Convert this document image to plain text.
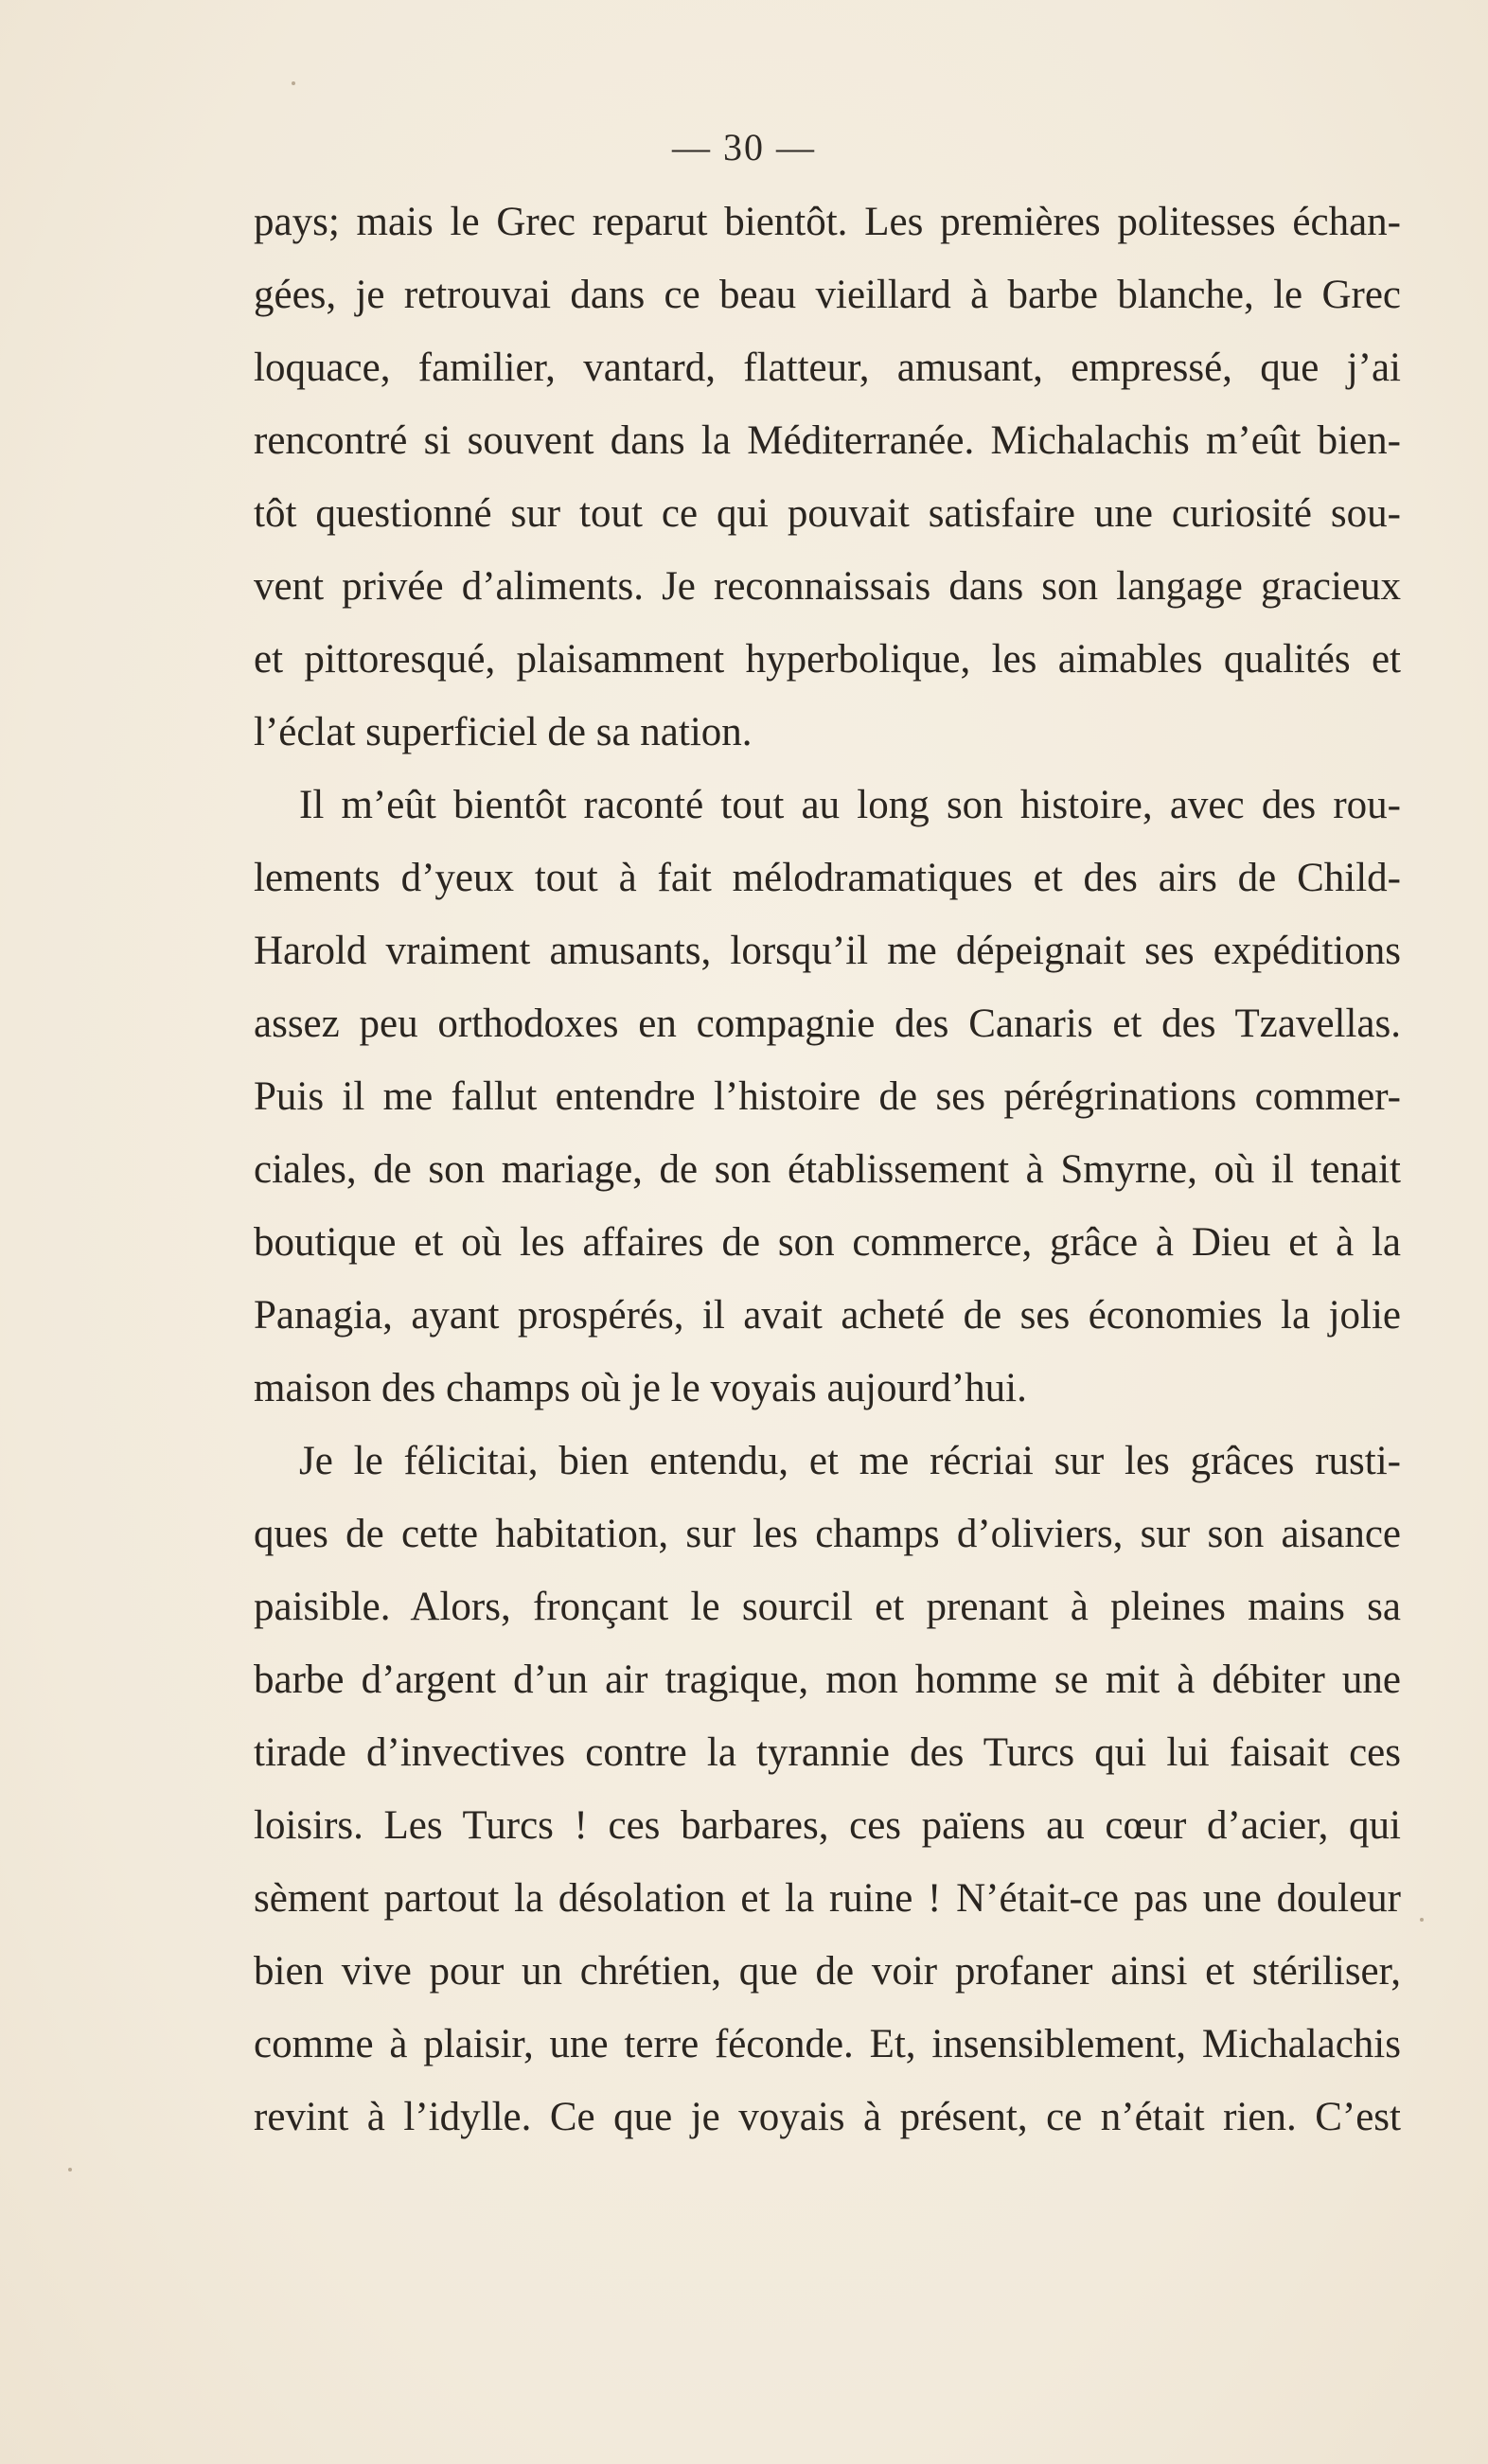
— 30 —
pays; mais le Grec reparut bientôt. Les premières politesses échan-
gées, je retrouvai dans ce beau vieillard à barbe blanche, le Grec
loquace, familier, vantard, flatteur, amusant, empressé, que j’ai
rencontré si souvent dans la Méditerranée. Michalachis m’eût bien-
tôt questionné sur tout ce qui pouvait satisfaire une curiosité sou-
vent privée d’aliments. Je reconnaissais dans son langage gracieux
et pittoresqué, plaisamment hyperbolique, les aimables qualités et
l’éclat superficiel de sa nation.
Il m’eût bientôt raconté tout au long son histoire, avec des rou-
lements d’yeux tout à fait mélodramatiques et des airs de Child-
Harold vraiment amusants, lorsqu’il me dépeignait ses expéditions
assez peu orthodoxes en compagnie des Canaris et des Tzavellas.
Puis il me fallut entendre l’histoire de ses pérégrinations commer-
ciales, de son mariage, de son établissement à Smyrne, où il tenait
boutique et où les affaires de son commerce, grâce à Dieu et à la
Panagia, ayant prospérés, il avait acheté de ses économies la jolie
maison des champs où je le voyais aujourd’hui.
Je le félicitai, bien entendu, et me récriai sur les grâces rusti-
ques de cette habitation, sur les champs d’oliviers, sur son aisance
paisible. Alors, fronçant le sourcil et prenant à pleines mains sa
barbe d’argent d’un air tragique, mon homme se mit à débiter une
tirade d’invectives contre la tyrannie des Turcs qui lui faisait ces
loisirs. Les Turcs ! ces barbares, ces païens au cœur d’acier, qui
sèment partout la désolation et la ruine ! N’était-ce pas une douleur
bien vive pour un chrétien, que de voir profaner ainsi et stériliser,
comme à plaisir, une terre féconde. Et, insensiblement, Michalachis
revint à l’idylle. Ce que je voyais à présent, ce n’était rien. C’est
